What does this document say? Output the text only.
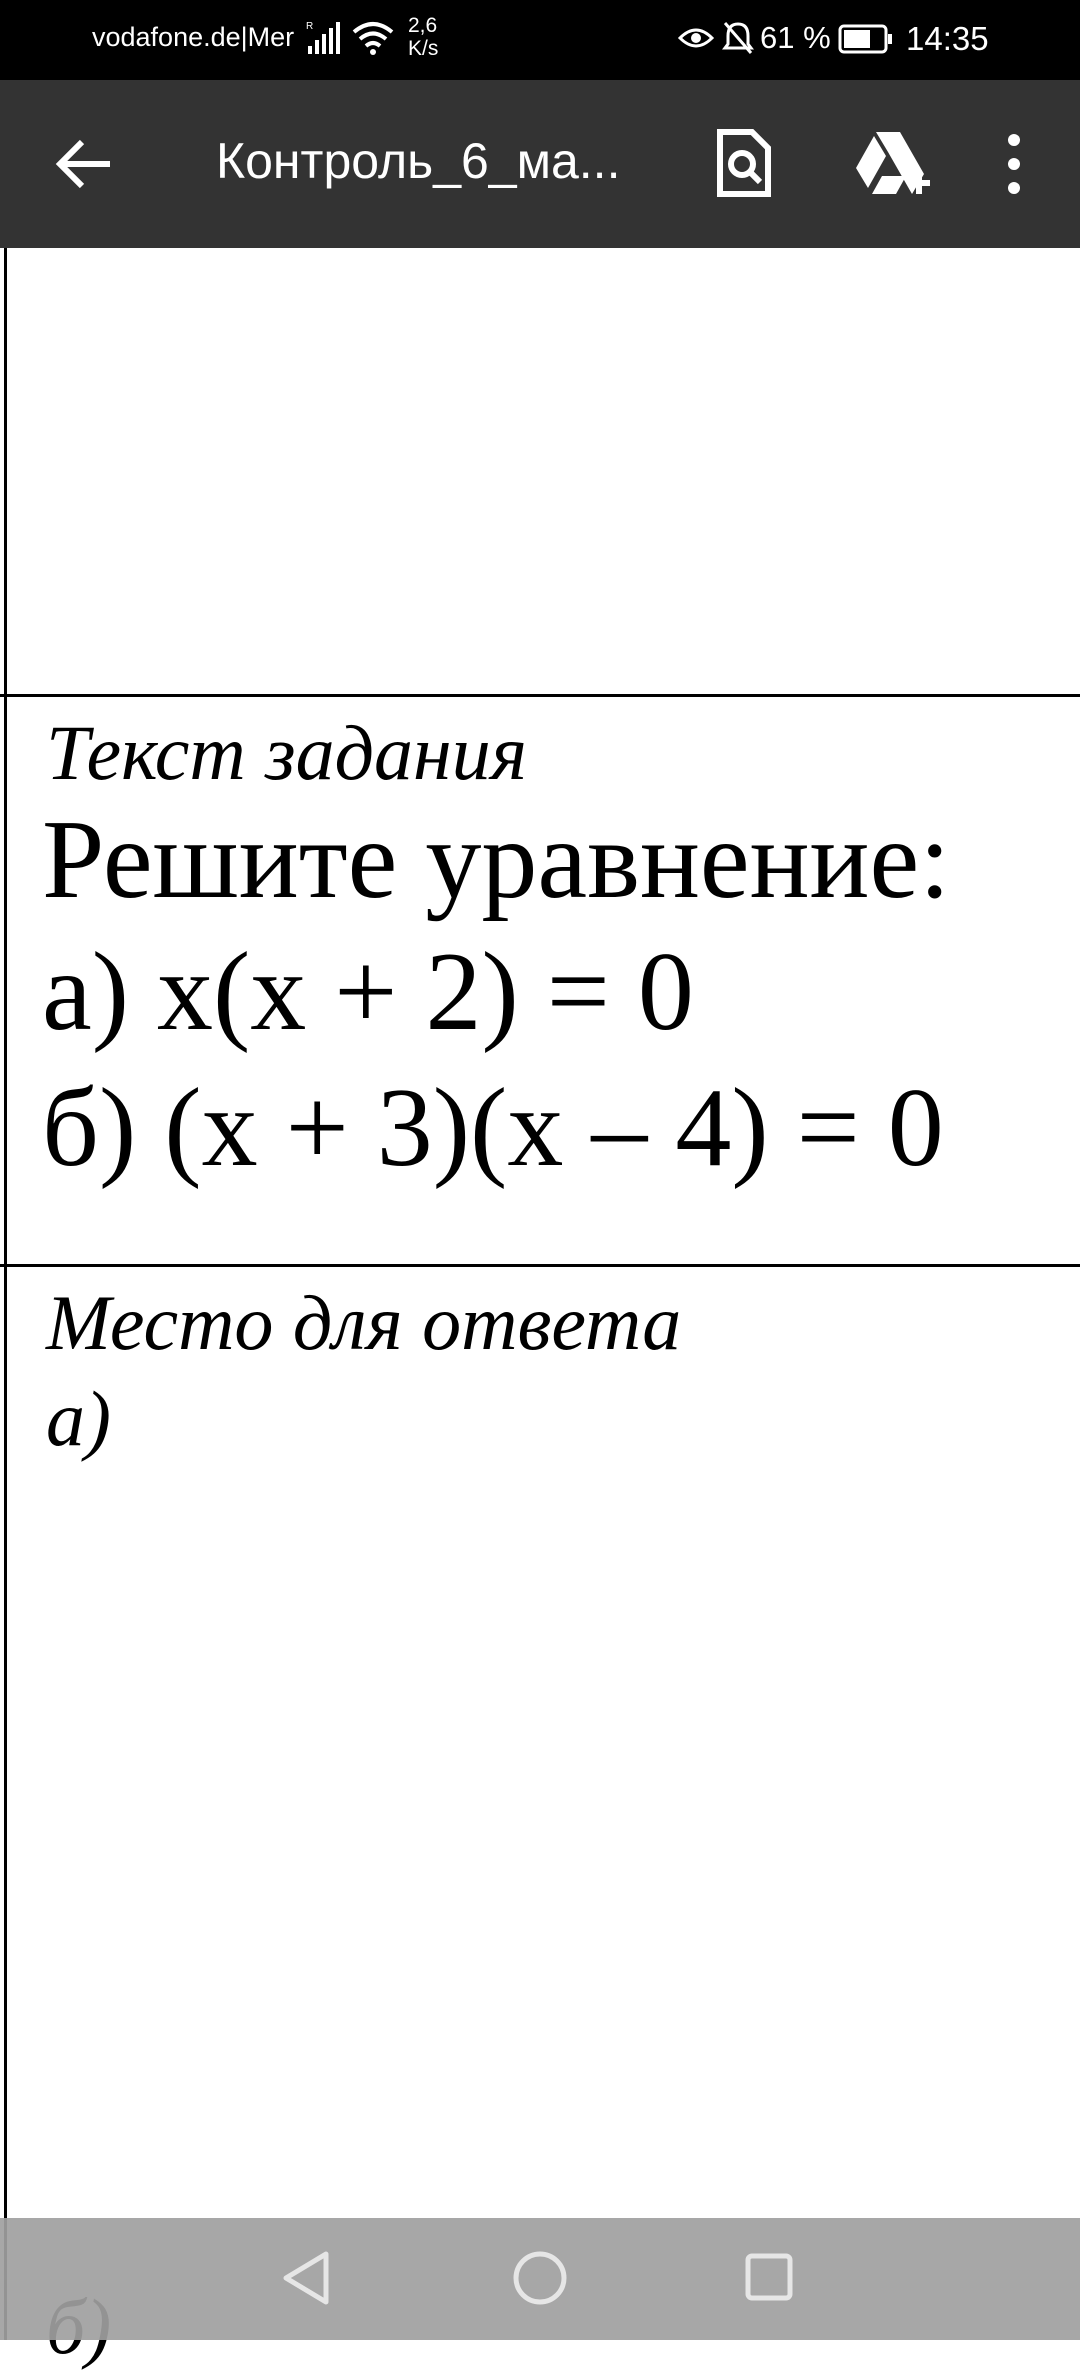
vodafone.de|Mer R	2,6
K/s	61 % 14:35
Контроль_6_ма...
Текст задания
Решите уравнение:
а) x(x + 2) = 0
б) (x + 3)(x – 4) = 0
Место для ответа
а)
